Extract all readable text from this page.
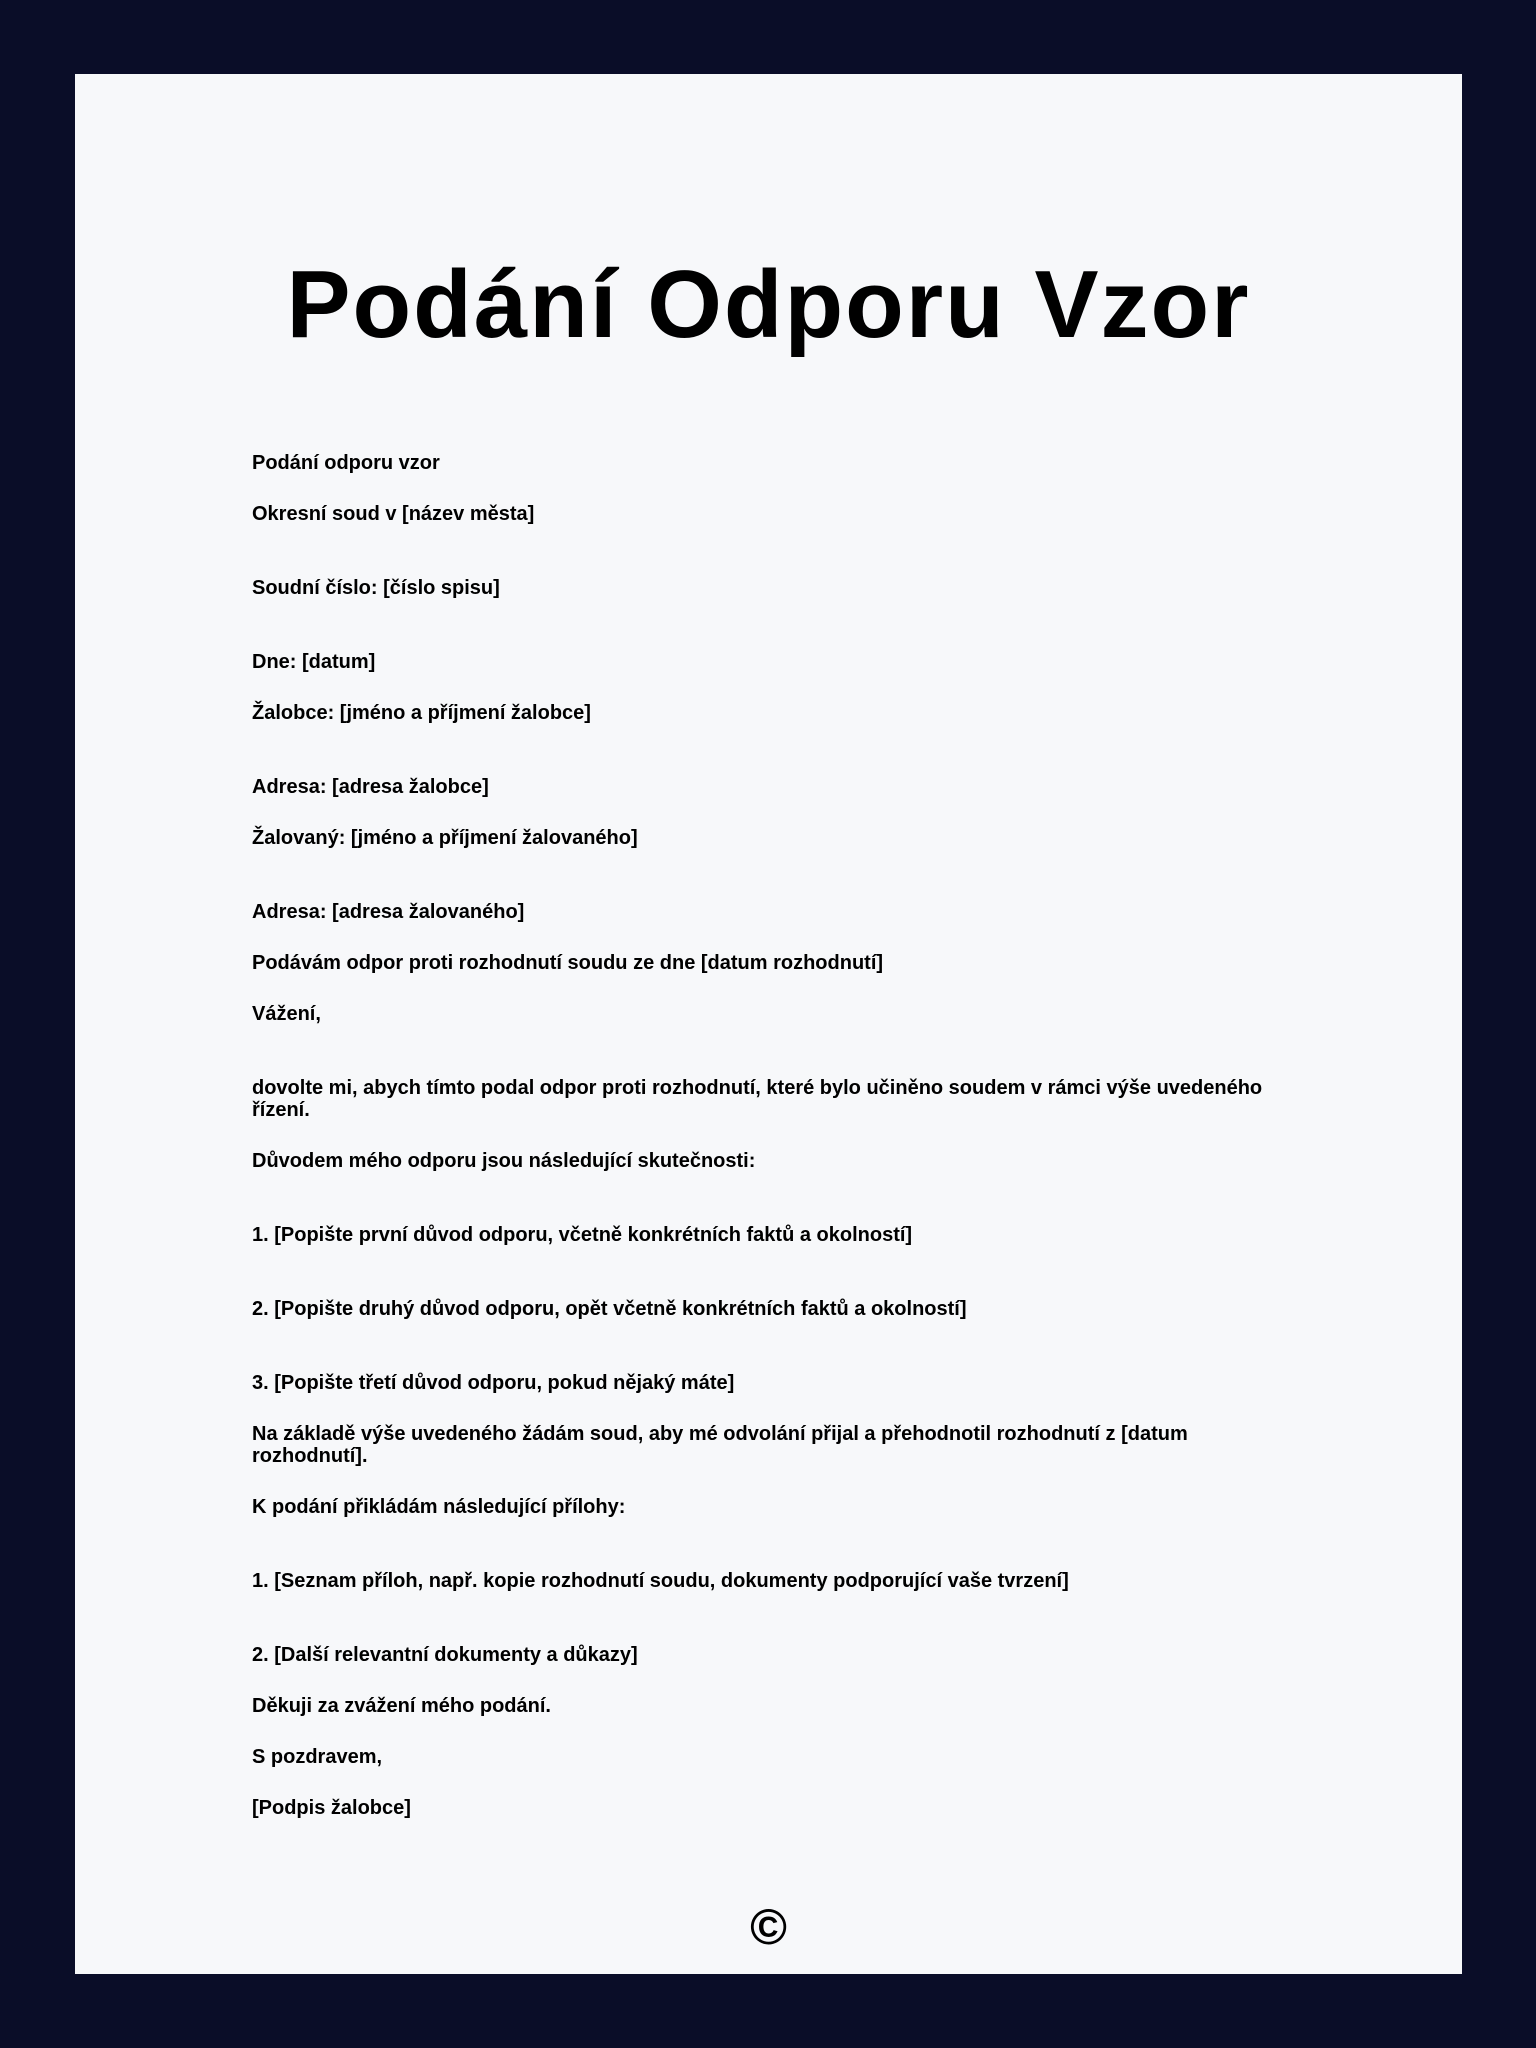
Podání Odporu Vzor

Podání odporu vzor

Okresní soud v [název města]

Soudní číslo: [číslo spisu]

Dne: [datum]

Žalobce: [jméno a příjmení žalobce]

Adresa: [adresa žalobce]

Žalovaný: [jméno a příjmení žalovaného]

Adresa: [adresa žalovaného]

Podávám odpor proti rozhodnutí soudu ze dne [datum rozhodnutí]

Vážení,

dovolte mi, abych tímto podal odpor proti rozhodnutí, které bylo učiněno soudem v rámci výše uvedeného řízení.

Důvodem mého odporu jsou následující skutečnosti:

1. [Popište první důvod odporu, včetně konkrétních faktů a okolností]

2. [Popište druhý důvod odporu, opět včetně konkrétních faktů a okolností]

3. [Popište třetí důvod odporu, pokud nějaký máte]

Na základě výše uvedeného žádám soud, aby mé odvolání přijal a přehodnotil rozhodnutí z [datum rozhodnutí].

K podání přikládám následující přílohy:

1. [Seznam příloh, např. kopie rozhodnutí soudu, dokumenty podporující vaše tvrzení]

2. [Další relevantní dokumenty a důkazy]

Děkuji za zvážení mého podání.

S pozdravem,

[Podpis žalobce]

©
